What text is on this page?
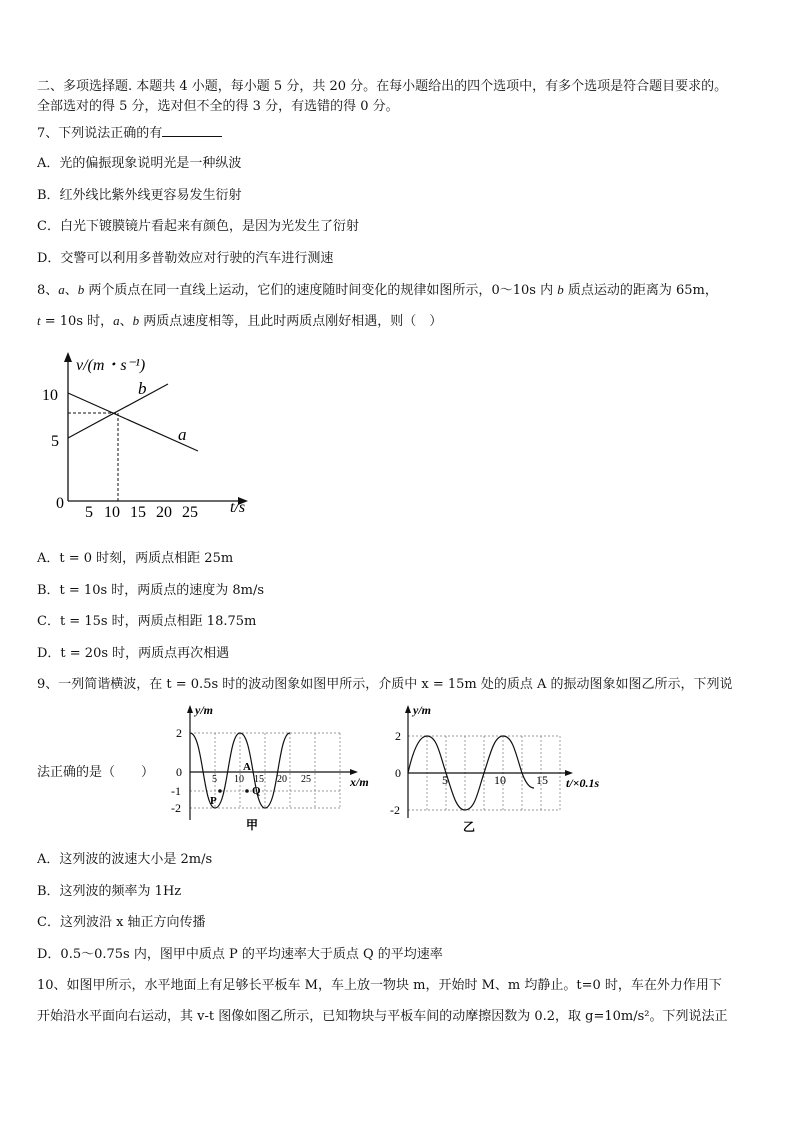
二、多项选择题. 本题共 4 小题，每小题 5 分，共 20 分。在每小题给出的四个选项中，有多个选项是符合题目要求的。
全部选对的得 5 分，选对但不全的得 3 分，有选错的得 0 分。
7、下列说法正确的有
A．光的偏振现象说明光是一种纵波
B．红外线比紫外线更容易发生衍射
C．白光下镀膜镜片看起来有颜色，是因为光发生了衍射
D．交警可以利用多普勒效应对行驶的汽车进行测速
8、a、b 两个质点在同一直线上运动，它们的速度随时间变化的规律如图所示，0～10s 内 b 质点运动的距离为 65m，
t = 10s 时，a、b 两质点速度相等，且此时两质点刚好相遇，则（　）
v/(m・s⁻¹)
10
5
0
5 10 15 20 25 t/s
b
a
A．t = 0 时刻，两质点相距 25m
B．t = 10s 时，两质点的速度为 8m/s
C．t = 15s 时，两质点相距 18.75m
D．t = 20s 时，两质点再次相遇
9、一列简谐横波，在 t = 0.5s 时的波动图象如图甲所示，介质中 x = 15m 处的质点 A 的振动图象如图乙所示，下列说
法正确的是（　　）
y/m
2
0
-1
-2
5 10 15 20 25	x/m
A
P
Q
甲
y/m
2
0
-2
5	10	15 t/×0.1s
乙
A．这列波的波速大小是 2m/s
B．这列波的频率为 1Hz
C．这列波沿 x 轴正方向传播
D．0.5～0.75s 内，图甲中质点 P 的平均速率大于质点 Q 的平均速率
10、如图甲所示，水平地面上有足够长平板车 M，车上放一物块 m，开始时 M、m 均静止。t=0 时，车在外力作用下
开始沿水平面向右运动，其 v-t 图像如图乙所示，已知物块与平板车间的动摩擦因数为 0.2，取 g=10m/s²。下列说法正
